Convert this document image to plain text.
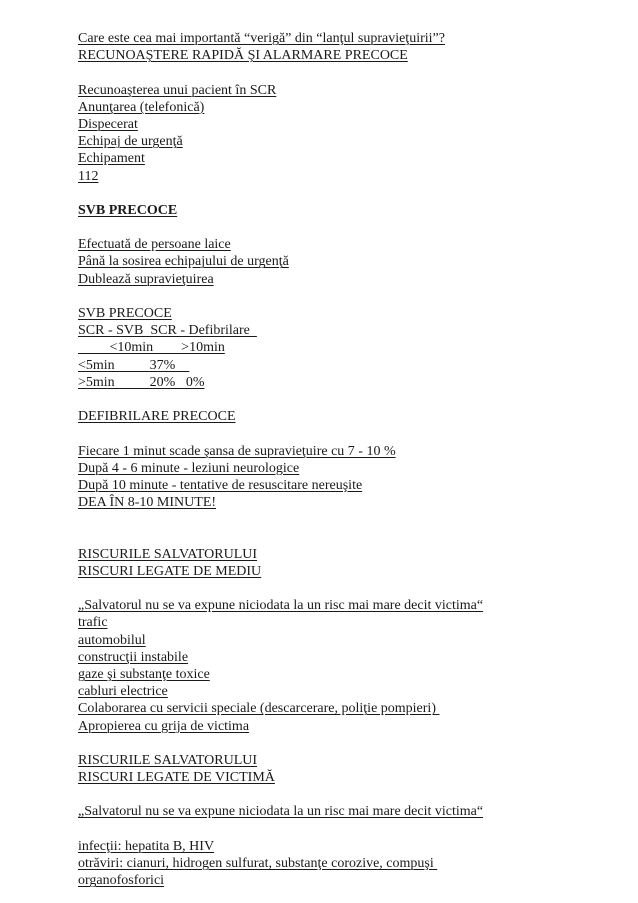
Care este cea mai importantă “verigă” din “lanţul supravieţuirii”?
RECUNOAŞTERE RAPIDĂ ŞI ALARMARE PRECOCE
Recunoaşterea unui pacient în SCR
Anunţarea (telefonică)
Dispecerat
Echipaj de urgenţă
Echipament
112
SVB PRECOCE
Efectuată de persoane laice
Până la sosirea echipajului de urgenţă
Dublează supravieţuirea
SVB PRECOCE
SCR - SVB  SCR - Defibrilare
<10min        >10min
<5min          37%
>5min          20%   0%
DEFIBRILARE PRECOCE
Fiecare 1 minut scade şansa de supravieţuire cu 7 - 10 %
După 4 - 6 minute - leziuni neurologice
După 10 minute - tentative de resuscitare nereuşite
DEA ÎN 8-10 MINUTE!
RISCURILE SALVATORULUI
RISCURI LEGATE DE MEDIU
„Salvatorul nu se va expune niciodata la un risc mai mare decit victima“
trafic
automobilul
construcţii instabile
gaze şi substanţe toxice
cabluri electrice
Colaborarea cu servicii speciale (descarcerare, poliţie pompieri)
Apropierea cu grija de victima
RISCURILE SALVATORULUI
RISCURI LEGATE DE VICTIMĂ
„Salvatorul nu se va expune niciodata la un risc mai mare decit victima“
infecţii: hepatita B, HIV
otrăviri: cianuri, hidrogen sulfurat, substanţe corozive, compuşi
organofosforici
